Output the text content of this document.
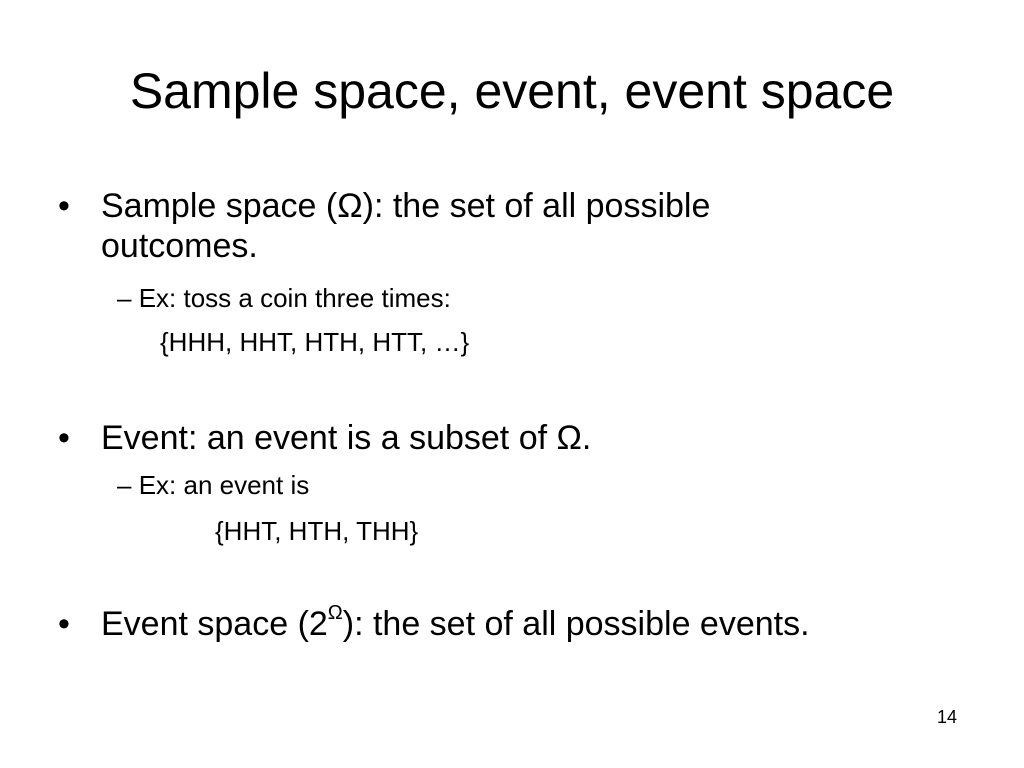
Sample space, event, event space
• Sample space (Ω): the set of all possible outcomes.
– Ex: toss a coin three times:
{HHH, HHT, HTH, HTT, …}
• Event: an event is a subset of Ω.
– Ex: an event is
{HHT, HTH, THH}
• Event space $(2^\Omega)$: the set of all possible events.
14
